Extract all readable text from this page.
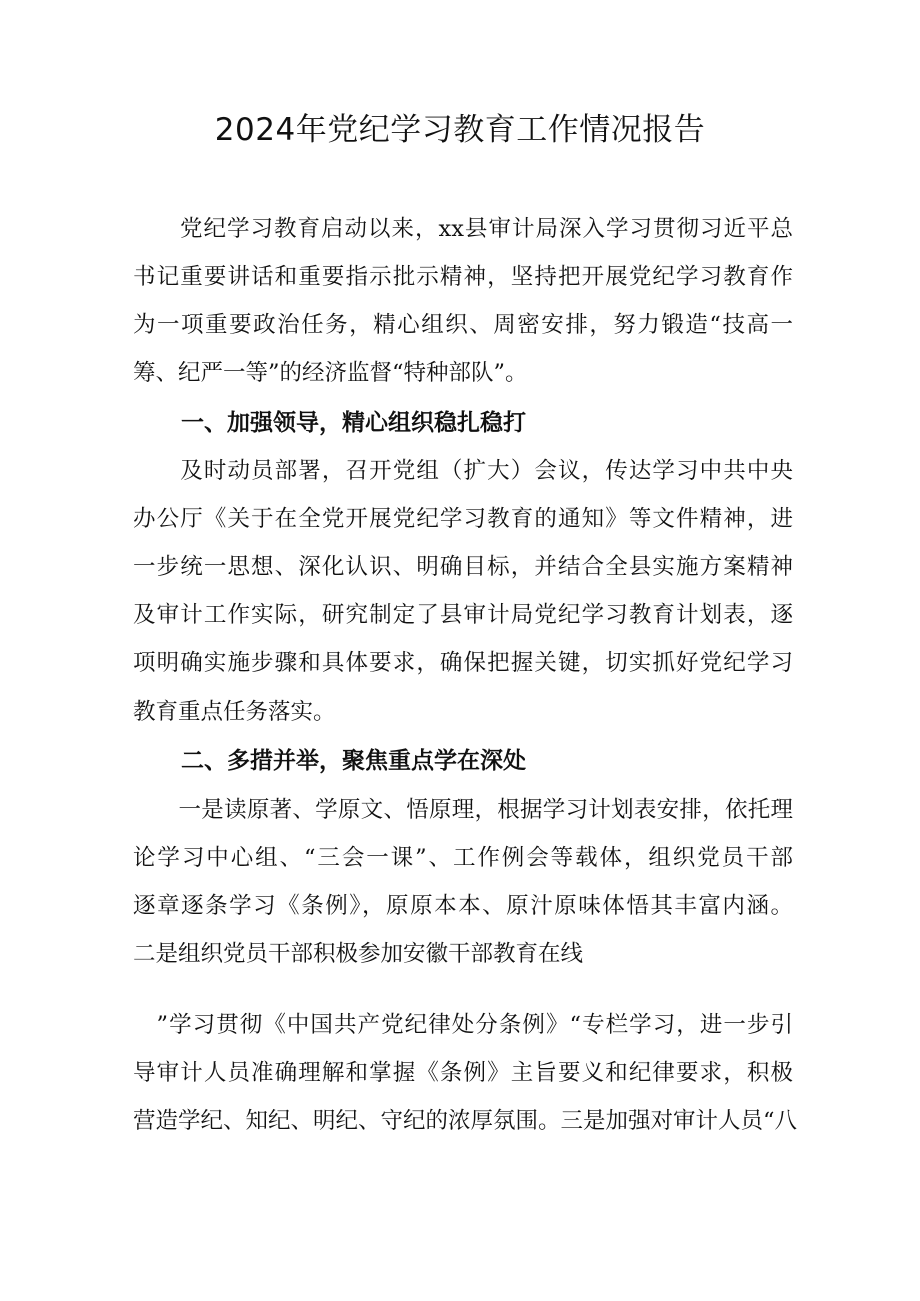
2024年党纪学习教育工作情况报告

　　党纪学习教育启动以来，xx县审计局深入学习贯彻习近平总

书记重要讲话和重要指示批示精神，坚持把开展党纪学习教育作

为一项重要政治任务，精心组织、周密安排，努力锻造“技高一

筹、纪严一等”的经济监督“特种部队”。

一、加强领导，精心组织稳扎稳打

　　及时动员部署，召开党组（扩大）会议，传达学习中共中央

办公厅《关于在全党开展党纪学习教育的通知》等文件精神，进

一步统一思想、深化认识、明确目标，并结合全县实施方案精神

及审计工作实际，研究制定了县审计局党纪学习教育计划表，逐

项明确实施步骤和具体要求，确保把握关键，切实抓好党纪学习

教育重点任务落实。

二、多措并举，聚焦重点学在深处

　　一是读原著、学原文、悟原理，根据学习计划表安排，依托理

论学习中心组、“三会一课”、工作例会等载体，组织党员干部

逐章逐条学习《条例》，原原本本、原汁原味体悟其丰富内涵。

二是组织党员干部积极参加安徽干部教育在线

　”学习贯彻《中国共产党纪律处分条例》“专栏学习，进一步引

导审计人员准确理解和掌握《条例》主旨要义和纪律要求，积极

营造学纪、知纪、明纪、守纪的浓厚氛围。三是加强对审计人员“八
